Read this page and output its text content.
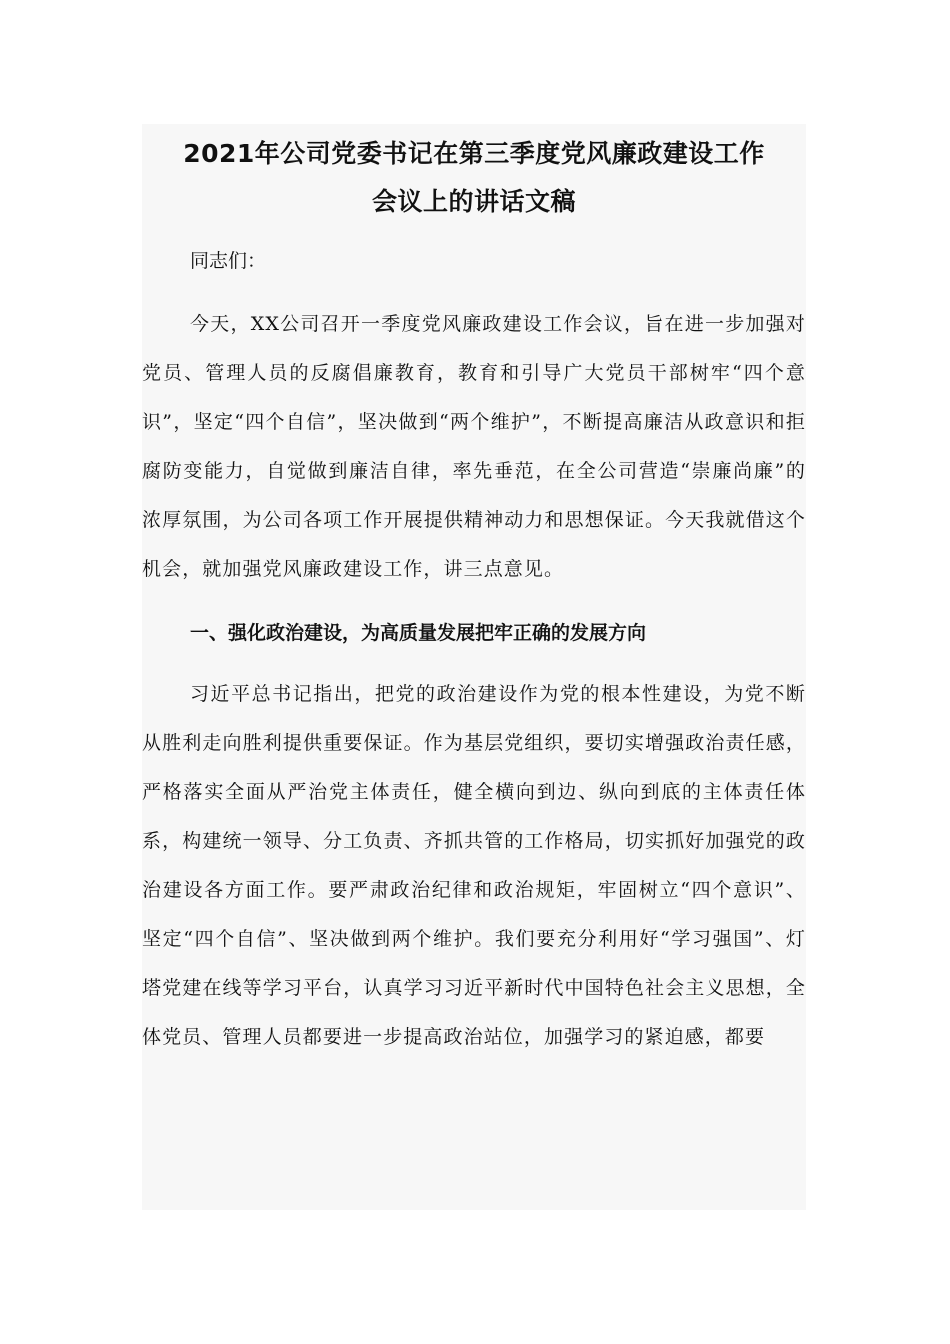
2021年公司党委书记在第三季度党风廉政建设工作
会议上的讲话文稿

同志们：

今天，XX公司召开一季度党风廉政建设工作会议，旨在进一步加强对党员、管理人员的反腐倡廉教育，教育和引导广大党员干部树牢“四个意识”，坚定“四个自信”，坚决做到“两个维护”，不断提高廉洁从政意识和拒腐防变能力，自觉做到廉洁自律，率先垂范，在全公司营造“崇廉尚廉”的浓厚氛围，为公司各项工作开展提供精神动力和思想保证。今天我就借这个机会，就加强党风廉政建设工作，讲三点意见。

一、强化政治建设，为高质量发展把牢正确的发展方向

习近平总书记指出，把党的政治建设作为党的根本性建设，为党不断从胜利走向胜利提供重要保证。作为基层党组织，要切实增强政治责任感，严格落实全面从严治党主体责任，健全横向到边、纵向到底的主体责任体系，构建统一领导、分工负责、齐抓共管的工作格局，切实抓好加强党的政治建设各方面工作。要严肃政治纪律和政治规矩，牢固树立“四个意识”、坚定“四个自信”、坚决做到两个维护。我们要充分利用好“学习强国”、灯塔党建在线等学习平台，认真学习习近平新时代中国特色社会主义思想，全体党员、管理人员都要进一步提高政治站位，加强学习的紧迫感，都要
